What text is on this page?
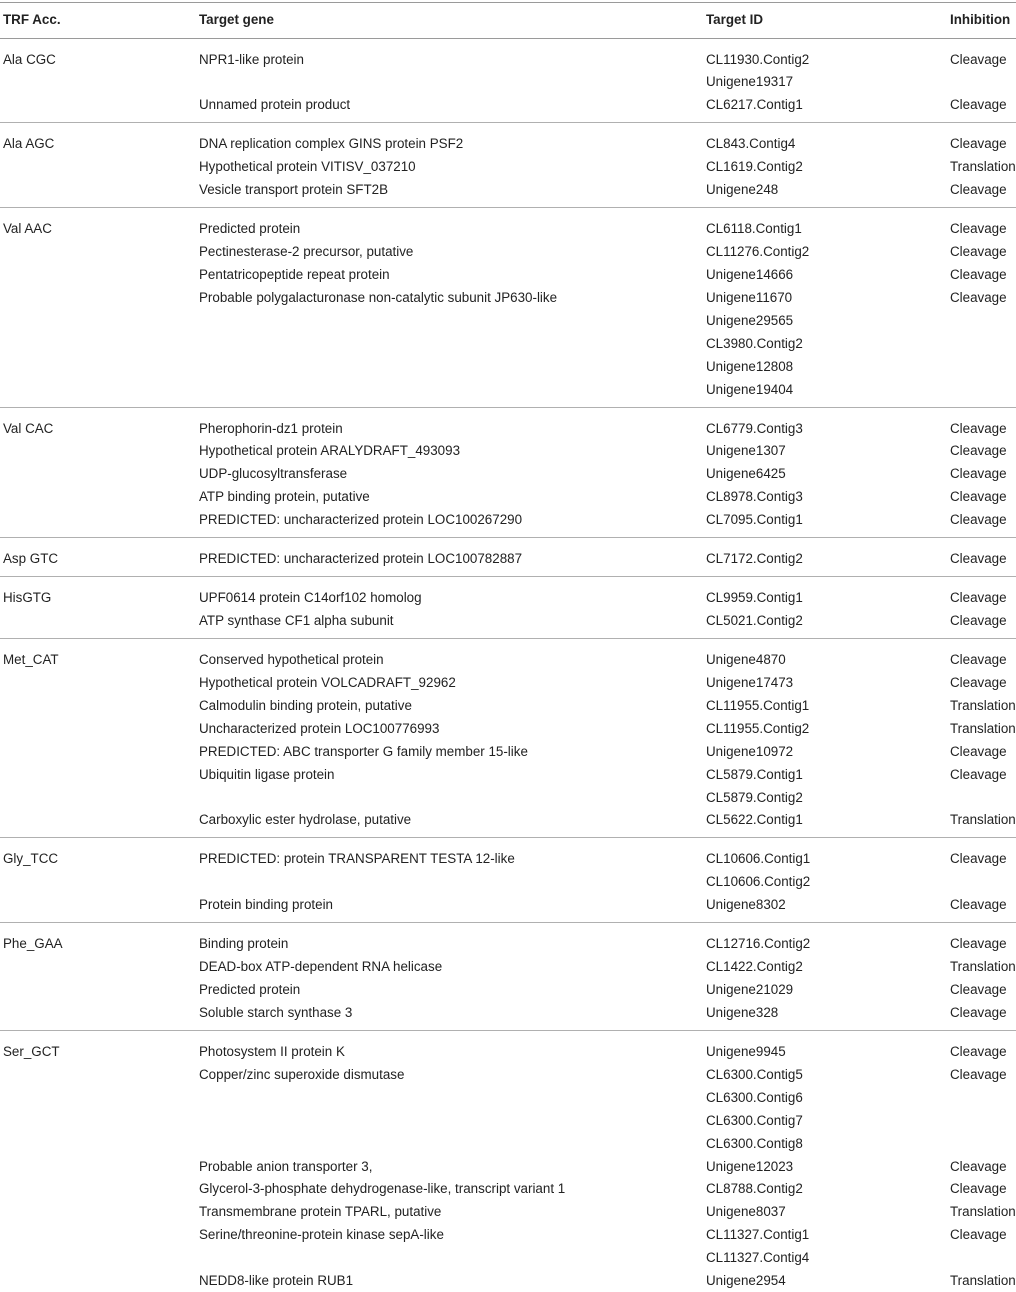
TRF Acc.	Target gene	Target ID	Inhibition
Ala CGC	NPR1-like protein	CL11930.Contig2	Cleavage
Unigene19317
Unnamed protein product	CL6217.Contig1	Cleavage
Ala AGC	DNA replication complex GINS protein PSF2	CL843.Contig4	Cleavage
Hypothetical protein VITISV_037210	CL1619.Contig2	Translation
Vesicle transport protein SFT2B	Unigene248	Cleavage
Val AAC	Predicted protein	CL6118.Contig1	Cleavage
Pectinesterase-2 precursor, putative	CL11276.Contig2	Cleavage
Pentatricopeptide repeat protein	Unigene14666	Cleavage
Probable polygalacturonase non-catalytic subunit JP630-like	Unigene11670	Cleavage
Unigene29565
CL3980.Contig2
Unigene12808
Unigene19404
Val CAC	Pherophorin-dz1 protein	CL6779.Contig3	Cleavage
Hypothetical protein ARALYDRAFT_493093	Unigene1307	Cleavage
UDP-glucosyltransferase	Unigene6425	Cleavage
ATP binding protein, putative	CL8978.Contig3	Cleavage
PREDICTED: uncharacterized protein LOC100267290	CL7095.Contig1	Cleavage
Asp GTC	PREDICTED: uncharacterized protein LOC100782887	CL7172.Contig2	Cleavage
HisGTG	UPF0614 protein C14orf102 homolog	CL9959.Contig1	Cleavage
ATP synthase CF1 alpha subunit	CL5021.Contig2	Cleavage
Met_CAT	Conserved hypothetical protein	Unigene4870	Cleavage
Hypothetical protein VOLCADRAFT_92962	Unigene17473	Cleavage
Calmodulin binding protein, putative	CL11955.Contig1	Translation
Uncharacterized protein LOC100776993	CL11955.Contig2	Translation
PREDICTED: ABC transporter G family member 15-like	Unigene10972	Cleavage
Ubiquitin ligase protein	CL5879.Contig1	Cleavage
CL5879.Contig2
Carboxylic ester hydrolase, putative	CL5622.Contig1	Translation
Gly_TCC	PREDICTED: protein TRANSPARENT TESTA 12-like	CL10606.Contig1	Cleavage
CL10606.Contig2
Protein binding protein	Unigene8302	Cleavage
Phe_GAA	Binding protein	CL12716.Contig2	Cleavage
DEAD-box ATP-dependent RNA helicase	CL1422.Contig2	Translation
Predicted protein	Unigene21029	Cleavage
Soluble starch synthase 3	Unigene328	Cleavage
Ser_GCT	Photosystem II protein K	Unigene9945	Cleavage
Copper/zinc superoxide dismutase	CL6300.Contig5	Cleavage
CL6300.Contig6
CL6300.Contig7
CL6300.Contig8
Probable anion transporter 3,	Unigene12023	Cleavage
Glycerol-3-phosphate dehydrogenase-like, transcript variant 1	CL8788.Contig2	Cleavage
Transmembrane protein TPARL, putative	Unigene8037	Translation
Serine/threonine-protein kinase sepA-like	CL11327.Contig1	Cleavage
CL11327.Contig4
NEDD8-like protein RUB1	Unigene2954	Translation
